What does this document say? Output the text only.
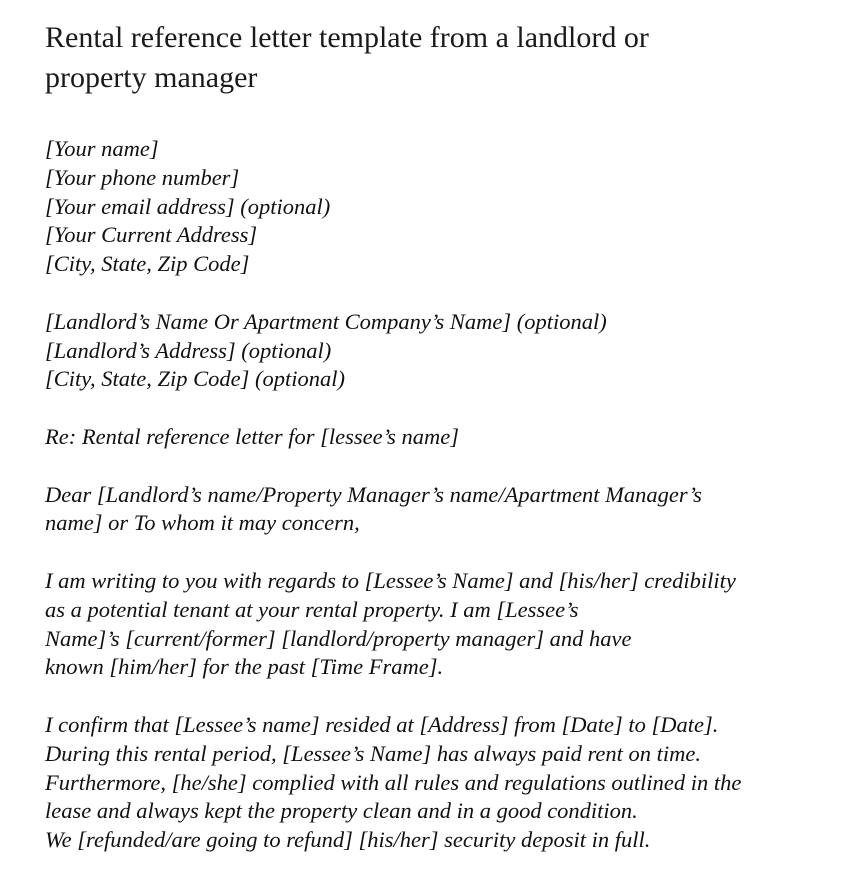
Rental reference letter template from a landlord or
property manager
[Your name]
[Your phone number]
[Your email address] (optional)
[Your Current Address]
[City, State, Zip Code]
[Landlord’s Name Or Apartment Company’s Name] (optional)
[Landlord’s Address] (optional)
[City, State, Zip Code] (optional)
Re: Rental reference letter for [lessee’s name]
Dear [Landlord’s name/Property Manager’s name/Apartment Manager’s
name] or To whom it may concern,
I am writing to you with regards to [Lessee’s Name] and [his/her] credibility
as a potential tenant at your rental property. I am [Lessee’s
Name]’s [current/former] [landlord/property manager] and have
known [him/her] for the past [Time Frame].
I confirm that [Lessee’s name] resided at [Address] from [Date] to [Date].
During this rental period, [Lessee’s Name] has always paid rent on time.
Furthermore, [he/she] complied with all rules and regulations outlined in the
lease and always kept the property clean and in a good condition.
We [refunded/are going to refund] [his/her] security deposit in full.
